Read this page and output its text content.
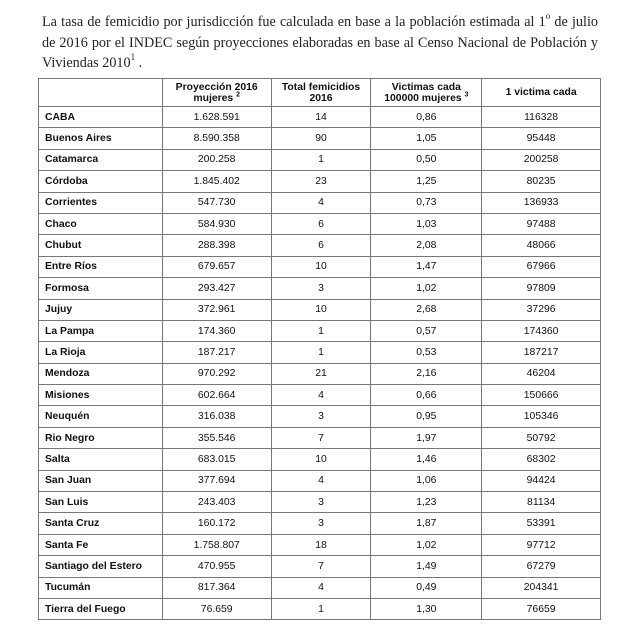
La tasa de femicidio por jurisdicción fue calculada en base a la población estimada al 1$^o$ de julio de 2016 por el INDEC según proyecciones elaboradas en base al Censo Nacional de Población y Viviendas 2010$^1$ .

	Proyección 2016 mujeres $^2$	Total femicidios 2016	Victimas cada 100000 mujeres $^3$	1 victima cada
CABA	1.628.591	14	0,86	116328
Buenos Aires	8.590.358	90	1,05	95448
Catamarca	200.258	1	0,50	200258
Córdoba	1.845.402	23	1,25	80235
Corrientes	547.730	4	0,73	136933
Chaco	584.930	6	1,03	97488
Chubut	288.398	6	2,08	48066
Entre Ríos	679.657	10	1,47	67966
Formosa	293.427	3	1,02	97809
Jujuy	372.961	10	2,68	37296
La Pampa	174.360	1	0,57	174360
La Rioja	187.217	1	0,53	187217
Mendoza	970.292	21	2,16	46204
Misiones	602.664	4	0,66	150666
Neuquén	316.038	3	0,95	105346
Rio Negro	355.546	7	1,97	50792
Salta	683.015	10	1,46	68302
San Juan	377.694	4	1,06	94424
San Luis	243.403	3	1,23	81134
Santa Cruz	160.172	3	1,87	53391
Santa Fe	1.758.807	18	1,02	97712
Santiago del Estero	470.955	7	1,49	67279
Tucumán	817.364	4	0,49	204341
Tierra del Fuego	76.659	1	1,30	76659
